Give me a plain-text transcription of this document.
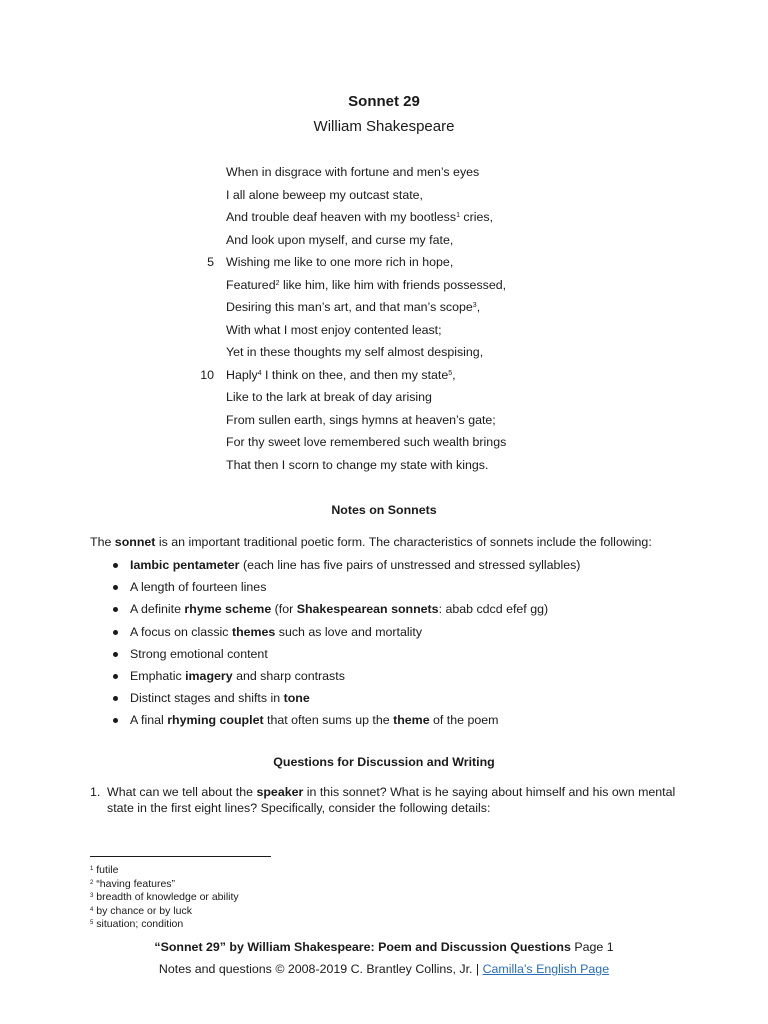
Sonnet 29
William Shakespeare
When in disgrace with fortune and men’s eyes
I all alone beweep my outcast state,
And trouble deaf heaven with my bootless$^1$ cries,
And look upon myself, and curse my fate,
5 Wishing me like to one more rich in hope,
Featured$^2$ like him, like him with friends possessed,
Desiring this man’s art, and that man’s scope$^3$,
With what I most enjoy contented least;
Yet in these thoughts my self almost despising,
10 Haply$^4$ I think on thee, and then my state$^5$,
Like to the lark at break of day arising
From sullen earth, sings hymns at heaven’s gate;
For thy sweet love remembered such wealth brings
That then I scorn to change my state with kings.
Notes on Sonnets
The sonnet is an important traditional poetic form. The characteristics of sonnets include the following:
Iambic pentameter (each line has five pairs of unstressed and stressed syllables)
A length of fourteen lines
A definite rhyme scheme (for Shakespearean sonnets: abab cdcd efef gg)
A focus on classic themes such as love and mortality
Strong emotional content
Emphatic imagery and sharp contrasts
Distinct stages and shifts in tone
A final rhyming couplet that often sums up the theme of the poem
Questions for Discussion and Writing
1. What can we tell about the speaker in this sonnet? What is he saying about himself and his own mental state in the first eight lines? Specifically, consider the following details:
$^1$ futile
$^2$ “having features”
$^3$ breadth of knowledge or ability
$^4$ by chance or by luck
$^5$ situation; condition
“Sonnet 29” by William Shakespeare: Poem and Discussion Questions Page 1
Notes and questions © 2008-2019 C. Brantley Collins, Jr. | Camilla’s English Page
